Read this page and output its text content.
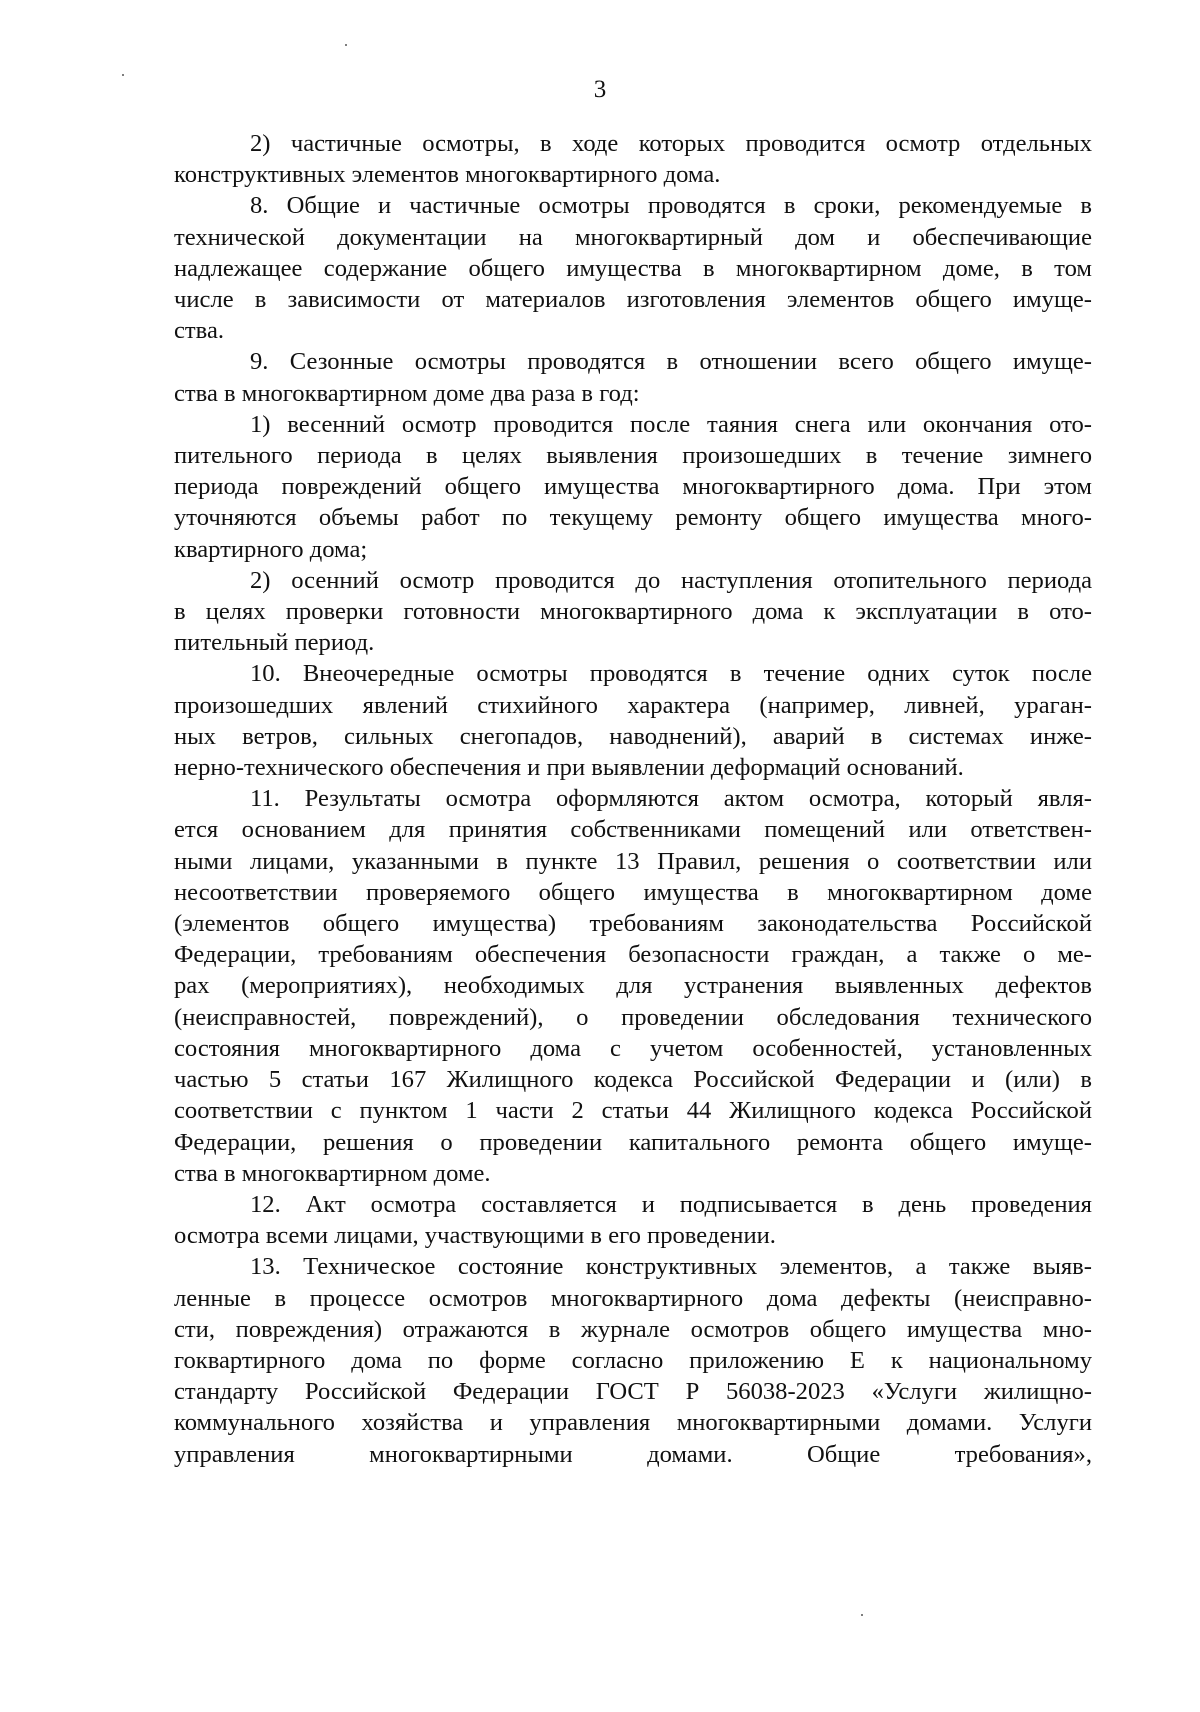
3
2) частичные осмотры, в ходе которых проводится осмотр отдельных
конструктивных элементов многоквартирного дома.
8. Общие и частичные осмотры проводятся в сроки, рекомендуемые в
технической документации на многоквартирный дом и обеспечивающие
надлежащее содержание общего имущества в многоквартирном доме, в том
числе в зависимости от материалов изготовления элементов общего имуще-
ства.
9. Сезонные осмотры проводятся в отношении всего общего имуще-
ства в многоквартирном доме два раза в год:
1) весенний осмотр проводится после таяния снега или окончания ото-
пительного периода в целях выявления произошедших в течение зимнего
периода повреждений общего имущества многоквартирного дома. При этом
уточняются объемы работ по текущему ремонту общего имущества много-
квартирного дома;
2) осенний осмотр проводится до наступления отопительного периода
в целях проверки готовности многоквартирного дома к эксплуатации в ото-
пительный период.
10. Внеочередные осмотры проводятся в течение одних суток после
произошедших явлений стихийного характера (например, ливней, ураган-
ных ветров, сильных снегопадов, наводнений), аварий в системах инже-
нерно-технического обеспечения и при выявлении деформаций оснований.
11. Результаты осмотра оформляются актом осмотра, который явля-
ется основанием для принятия собственниками помещений или ответствен-
ными лицами, указанными в пункте 13 Правил, решения о соответствии или
несоответствии проверяемого общего имущества в многоквартирном доме
(элементов общего имущества) требованиям законодательства Российской
Федерации, требованиям обеспечения безопасности граждан, а также о ме-
рах (мероприятиях), необходимых для устранения выявленных дефектов
(неисправностей, повреждений), о проведении обследования технического
состояния многоквартирного дома с учетом особенностей, установленных
частью 5 статьи 167 Жилищного кодекса Российской Федерации и (или) в
соответствии с пунктом 1 части 2 статьи 44 Жилищного кодекса Российской
Федерации, решения о проведении капитального ремонта общего имуще-
ства в многоквартирном доме.
12. Акт осмотра составляется и подписывается в день проведения
осмотра всеми лицами, участвующими в его проведении.
13. Техническое состояние конструктивных элементов, а также выяв-
ленные в процессе осмотров многоквартирного дома дефекты (неисправно-
сти, повреждения) отражаются в журнале осмотров общего имущества мно-
гоквартирного дома по форме согласно приложению Е к национальному
стандарту Российской Федерации ГОСТ Р 56038-2023 «Услуги жилищно-
коммунального хозяйства и управления многоквартирными домами. Услуги
управления многоквартирными домами. Общие требования»,
